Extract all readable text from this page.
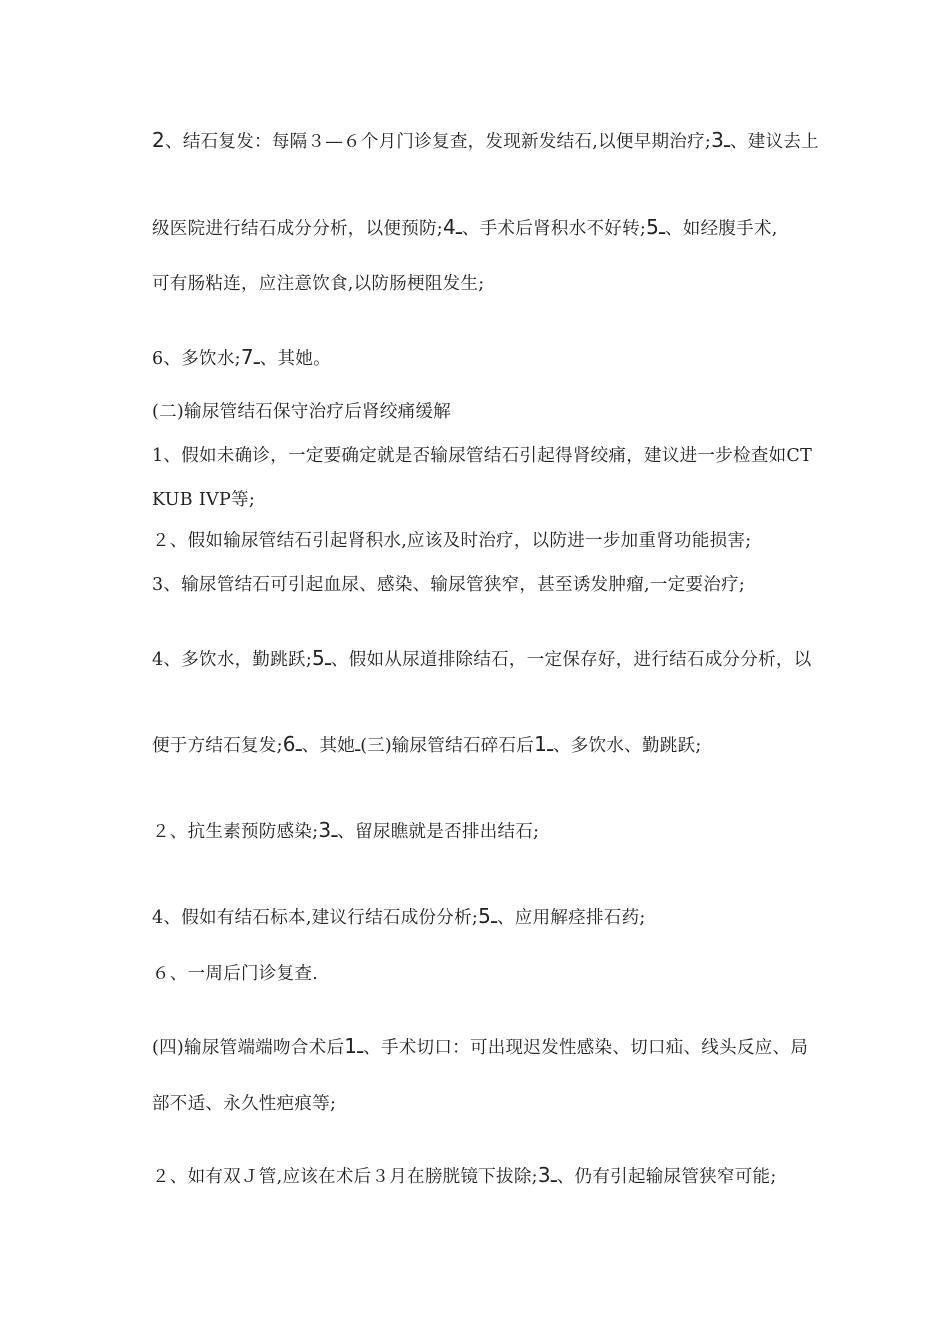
2、结石复发：每隔３—６个月门诊复查，发现新发结石,以便早期治疗;3ـ、建议去上
级医院进行结石成分分析，以便预防;4ـ、手术后肾积水不好转;5ـ、如经腹手术,
可有肠粘连，应注意饮食,以防肠梗阻发生;
6、多饮水;7ـ、其她。
(二)输尿管结石保守治疗后肾绞痛缓解
1、假如未确诊，一定要确定就是否输尿管结石引起得肾绞痛，建议进一步检查如CT
KUB IVP等;
２、假如输尿管结石引起肾积水,应该及时治疗，以防进一步加重肾功能损害;
3、输尿管结石可引起血尿、感染、输尿管狭窄，甚至诱发肿瘤,一定要治疗;
4、多饮水，勤跳跃;5ـ、假如从尿道排除结石，一定保存好，进行结石成分分析，以
便于方结石复发;6ـ、其她ـ(三)输尿管结石碎石后1ـ、多饮水、勤跳跃;
２、抗生素预防感染;3ـ、留尿瞧就是否排出结石;
4、假如有结石标本,建议行结石成份分析;5ـ、应用解痉排石药;
６、一周后门诊复查.
(四)输尿管端端吻合术后1ـ、手术切口：可出现迟发性感染、切口疝、线头反应、局
部不适、永久性疤痕等;
２、如有双Ｊ管,应该在术后３月在膀胱镜下拔除;3ـ、仍有引起输尿管狭窄可能;
